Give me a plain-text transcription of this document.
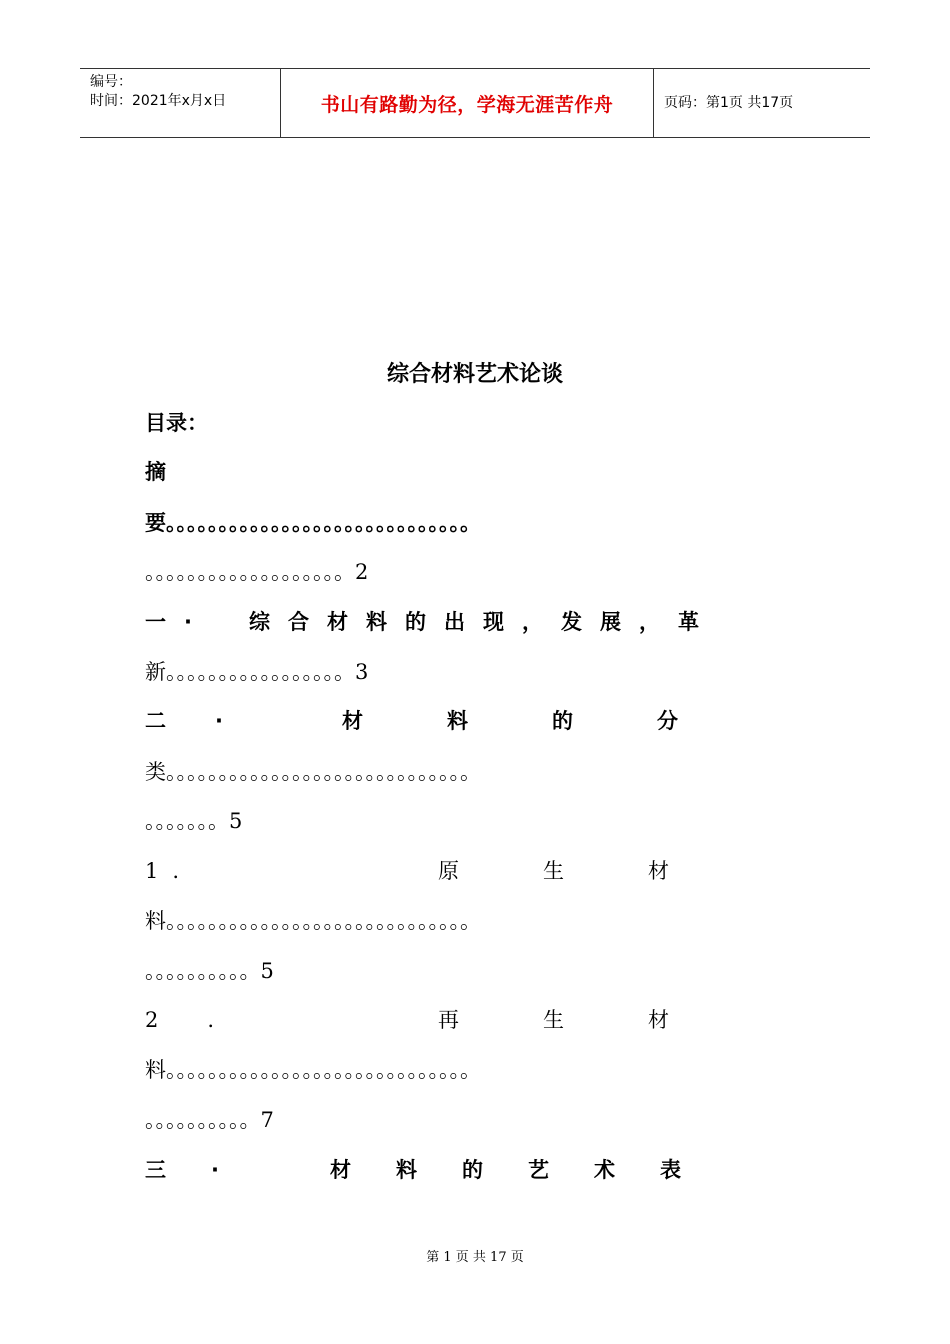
编号：
时间：2021年x月x日	书山有路勤为径，学海无涯苦作舟	页码：第1页 共17页
综合材料艺术论谈
目录：
摘
要。。。。。。。。。。。。。。。。。。。。。。。。。。。。。
。。。。。。。。。。。。。。。。。。。2
一·　综合材料的出现，发展，革
新。。。。。。。。。。。。。。。。。3
二　·　　　材　　料　　的　　分
类。。。。。。。。。。。。。。。。。。。。。。。。。。。。。
。。。。。。。5
1.　　　　　　　原　　生　　材
料。。。。。。。。。。。。。。。。。。。。。。。。。。。。。
。。。。。。。。。。5
2　.　　　　　　再　　生　　材
料。。。。。。。。。。。。。。。。。。。。。。。。。。。。。
。。。。。。。。。。7
三　·　　　材　料　的　艺　术　表
第 1 页 共 17 页
